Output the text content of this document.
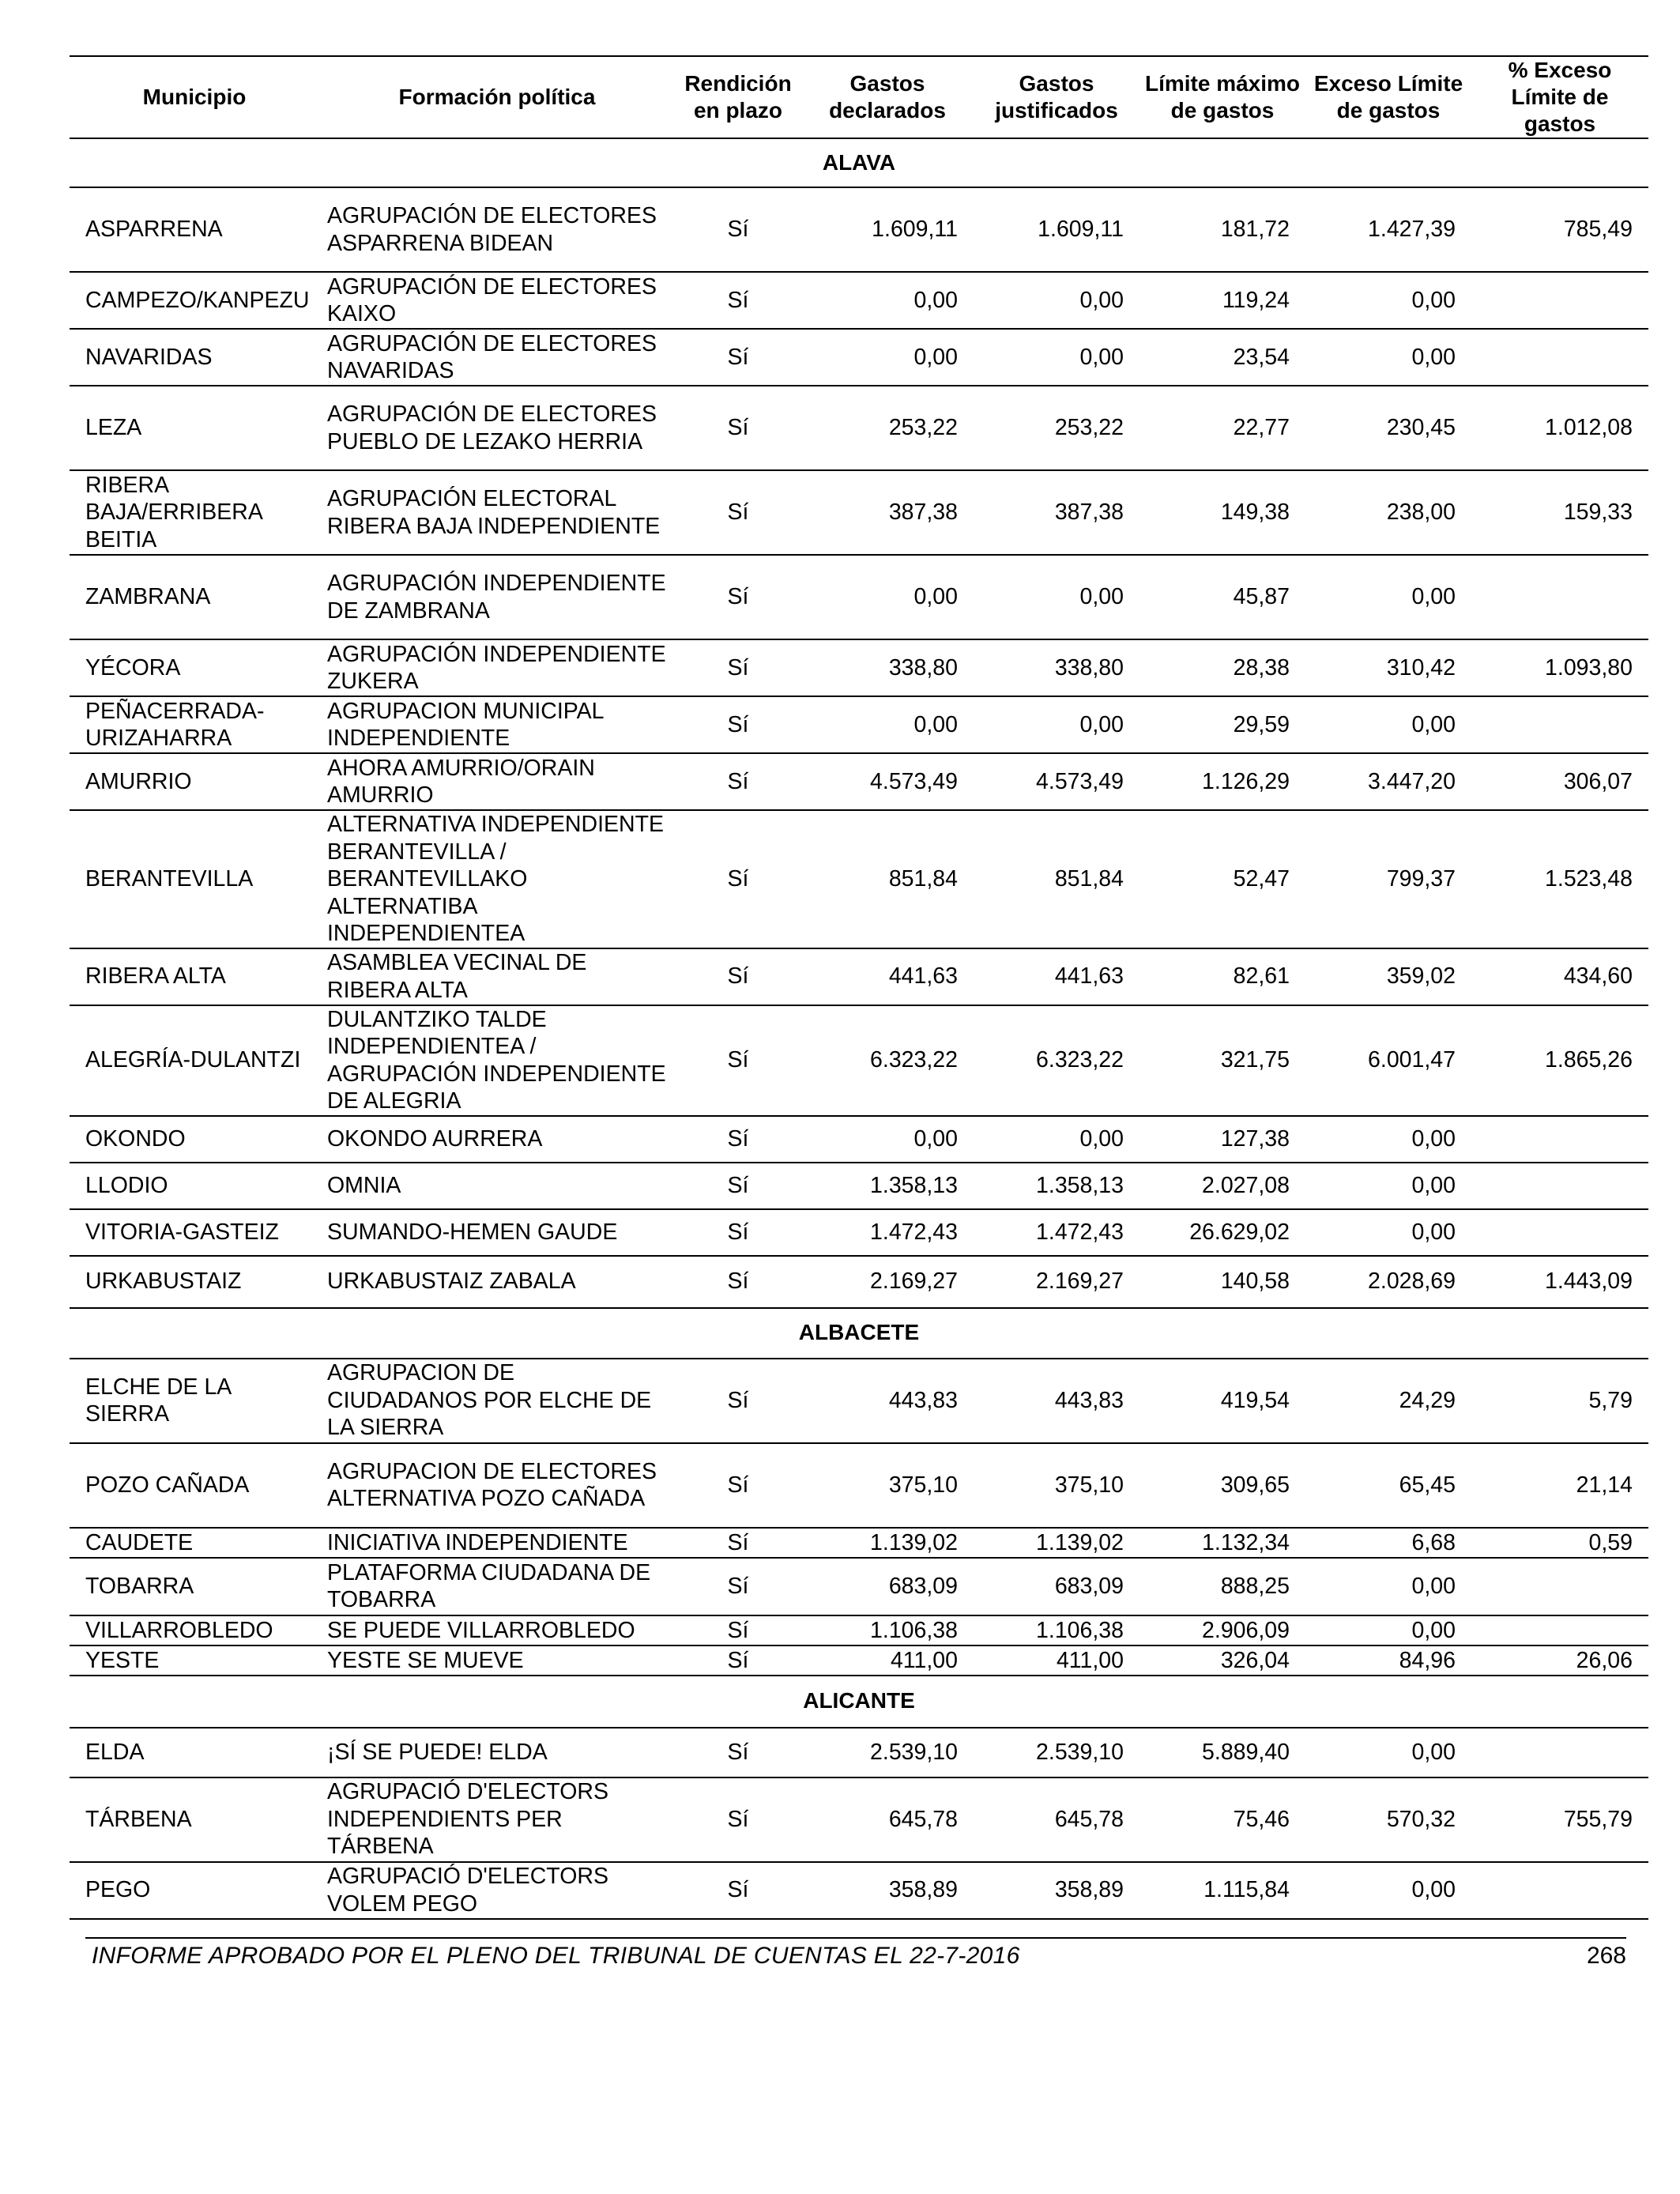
Municipio	Formación política	Rendición en plazo	Gastos declarados	Gastos justificados	Límite máximo de gastos	Exceso Límite de gastos	% Exceso Límite de gastos
ALAVA							
ASPARRENA	AGRUPACIÓN DE ELECTORES ASPARRENA BIDEAN	Sí	1.609,11	1.609,11	181,72	1.427,39	785,49
CAMPEZO/KANPEZU	AGRUPACIÓN DE ELECTORES KAIXO	Sí	0,00	0,00	119,24	0,00	
NAVARIDAS	AGRUPACIÓN DE ELECTORES NAVARIDAS	Sí	0,00	0,00	23,54	0,00	
LEZA	AGRUPACIÓN DE ELECTORES PUEBLO DE LEZAKO HERRIA	Sí	253,22	253,22	22,77	230,45	1.012,08
RIBERA BAJA/ERRIBERA BEITIA	AGRUPACIÓN ELECTORAL RIBERA BAJA INDEPENDIENTE	Sí	387,38	387,38	149,38	238,00	159,33
ZAMBRANA	AGRUPACIÓN INDEPENDIENTE DE ZAMBRANA	Sí	0,00	0,00	45,87	0,00	
YÉCORA	AGRUPACIÓN INDEPENDIENTE ZUKERA	Sí	338,80	338,80	28,38	310,42	1.093,80
PEÑACERRADA-URIZAHARRA	AGRUPACION MUNICIPAL INDEPENDIENTE	Sí	0,00	0,00	29,59	0,00	
AMURRIO	AHORA AMURRIO/ORAIN AMURRIO	Sí	4.573,49	4.573,49	1.126,29	3.447,20	306,07
BERANTEVILLA	ALTERNATIVA INDEPENDIENTE BERANTEVILLA / BERANTEVILLAKO ALTERNATIBA INDEPENDIENTEA	Sí	851,84	851,84	52,47	799,37	1.523,48
RIBERA ALTA	ASAMBLEA VECINAL DE RIBERA ALTA	Sí	441,63	441,63	82,61	359,02	434,60
ALEGRÍA-DULANTZI	DULANTZIKO TALDE INDEPENDIENTEA / AGRUPACIÓN INDEPENDIENTE DE ALEGRIA	Sí	6.323,22	6.323,22	321,75	6.001,47	1.865,26
OKONDO	OKONDO AURRERA	Sí	0,00	0,00	127,38	0,00	
LLODIO	OMNIA	Sí	1.358,13	1.358,13	2.027,08	0,00	
VITORIA-GASTEIZ	SUMANDO-HEMEN GAUDE	Sí	1.472,43	1.472,43	26.629,02	0,00	
URKABUSTAIZ	URKABUSTAIZ ZABALA	Sí	2.169,27	2.169,27	140,58	2.028,69	1.443,09
ALBACETE							
ELCHE DE LA SIERRA	AGRUPACION DE CIUDADANOS POR ELCHE DE LA SIERRA	Sí	443,83	443,83	419,54	24,29	5,79
POZO CAÑADA	AGRUPACION DE ELECTORES ALTERNATIVA POZO CAÑADA	Sí	375,10	375,10	309,65	65,45	21,14
CAUDETE	INICIATIVA INDEPENDIENTE	Sí	1.139,02	1.139,02	1.132,34	6,68	0,59
TOBARRA	PLATAFORMA CIUDADANA DE TOBARRA	Sí	683,09	683,09	888,25	0,00	
VILLARROBLEDO	SE PUEDE VILLARROBLEDO	Sí	1.106,38	1.106,38	2.906,09	0,00	
YESTE	YESTE SE MUEVE	Sí	411,00	411,00	326,04	84,96	26,06
ALICANTE							
ELDA	¡SÍ SE PUEDE! ELDA	Sí	2.539,10	2.539,10	5.889,40	0,00	
TÁRBENA	AGRUPACIÓ D'ELECTORS INDEPENDIENTS PER TÁRBENA	Sí	645,78	645,78	75,46	570,32	755,79
PEGO	AGRUPACIÓ D'ELECTORS VOLEM PEGO	Sí	358,89	358,89	1.115,84	0,00	
INFORME APROBADO POR EL PLENO DEL TRIBUNAL DE CUENTAS EL 22-7-2016	268
